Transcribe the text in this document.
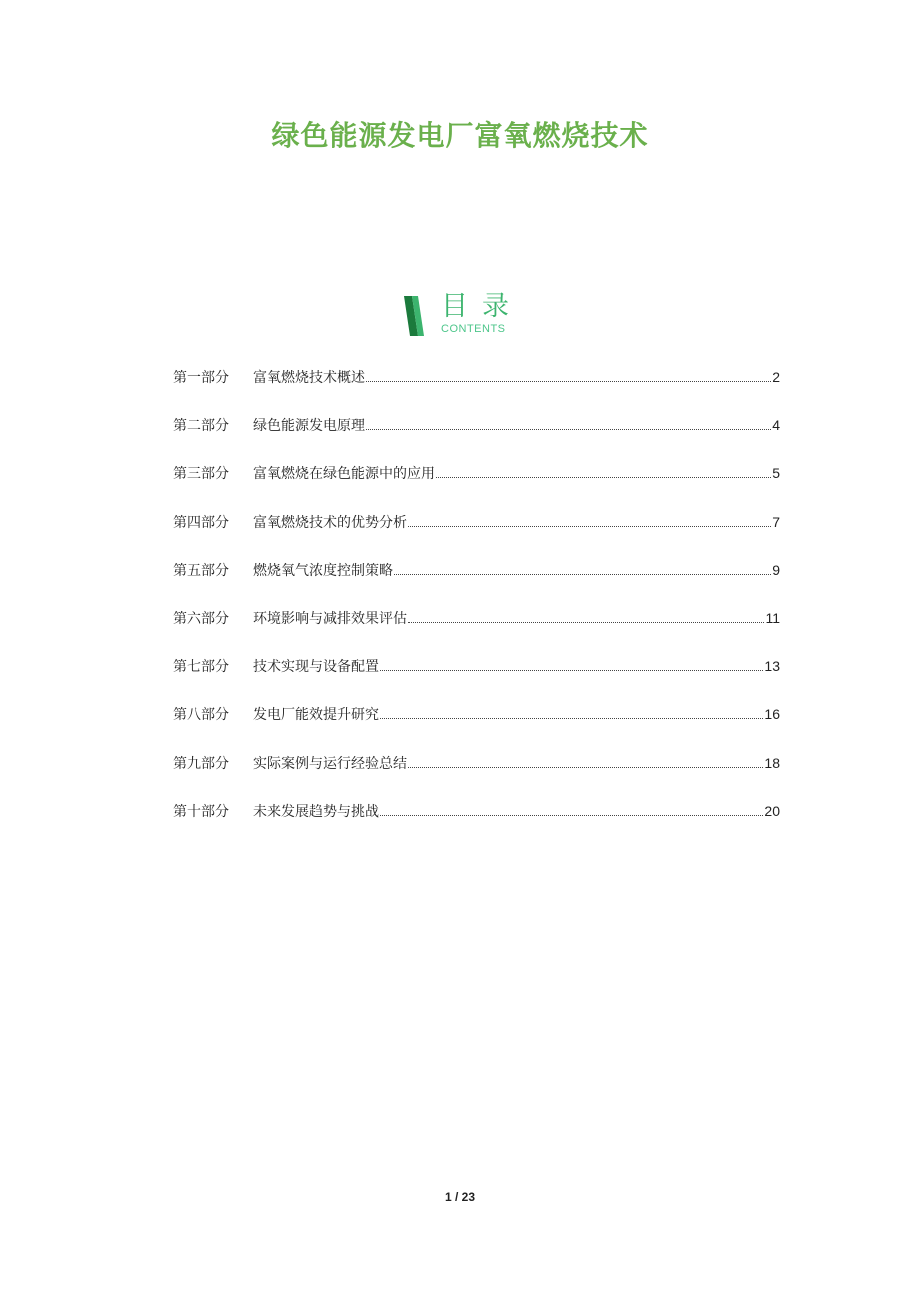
绿色能源发电厂富氧燃烧技术
目录
CONTENTS
第一部分	富氧燃烧技术概述	2
第二部分	绿色能源发电原理	4
第三部分	富氧燃烧在绿色能源中的应用	5
第四部分	富氧燃烧技术的优势分析	7
第五部分	燃烧氧气浓度控制策略	9
第六部分	环境影响与减排效果评估	11
第七部分	技术实现与设备配置	13
第八部分	发电厂能效提升研究	16
第九部分	实际案例与运行经验总结	18
第十部分	未来发展趋势与挑战	20
1 / 23
